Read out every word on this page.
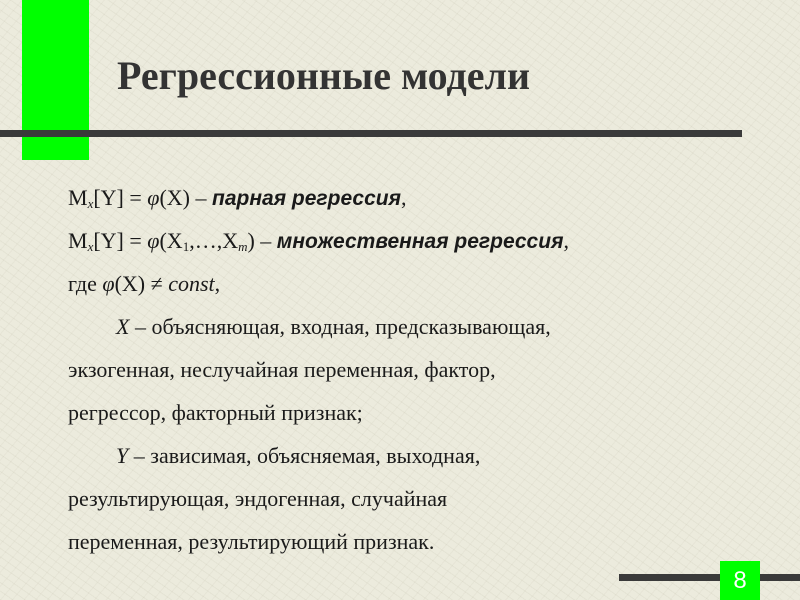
Регрессионные модели
$M_x[Y] = \varphi(X)$ – парная регрессия,
$M_x[Y]$ = $\varphi(X1,\dots,X_m)$ – множественная регрессия,
где φ(X) ≠ const,
X – объясняющая, входная, предсказывающая,
экзогенная, неслучайная переменная, фактор,
регрессор, факторный признак;
Y – зависимая, объясняемая, выходная,
результирующая, эндогенная, случайная
переменная, результирующий признак.
8
